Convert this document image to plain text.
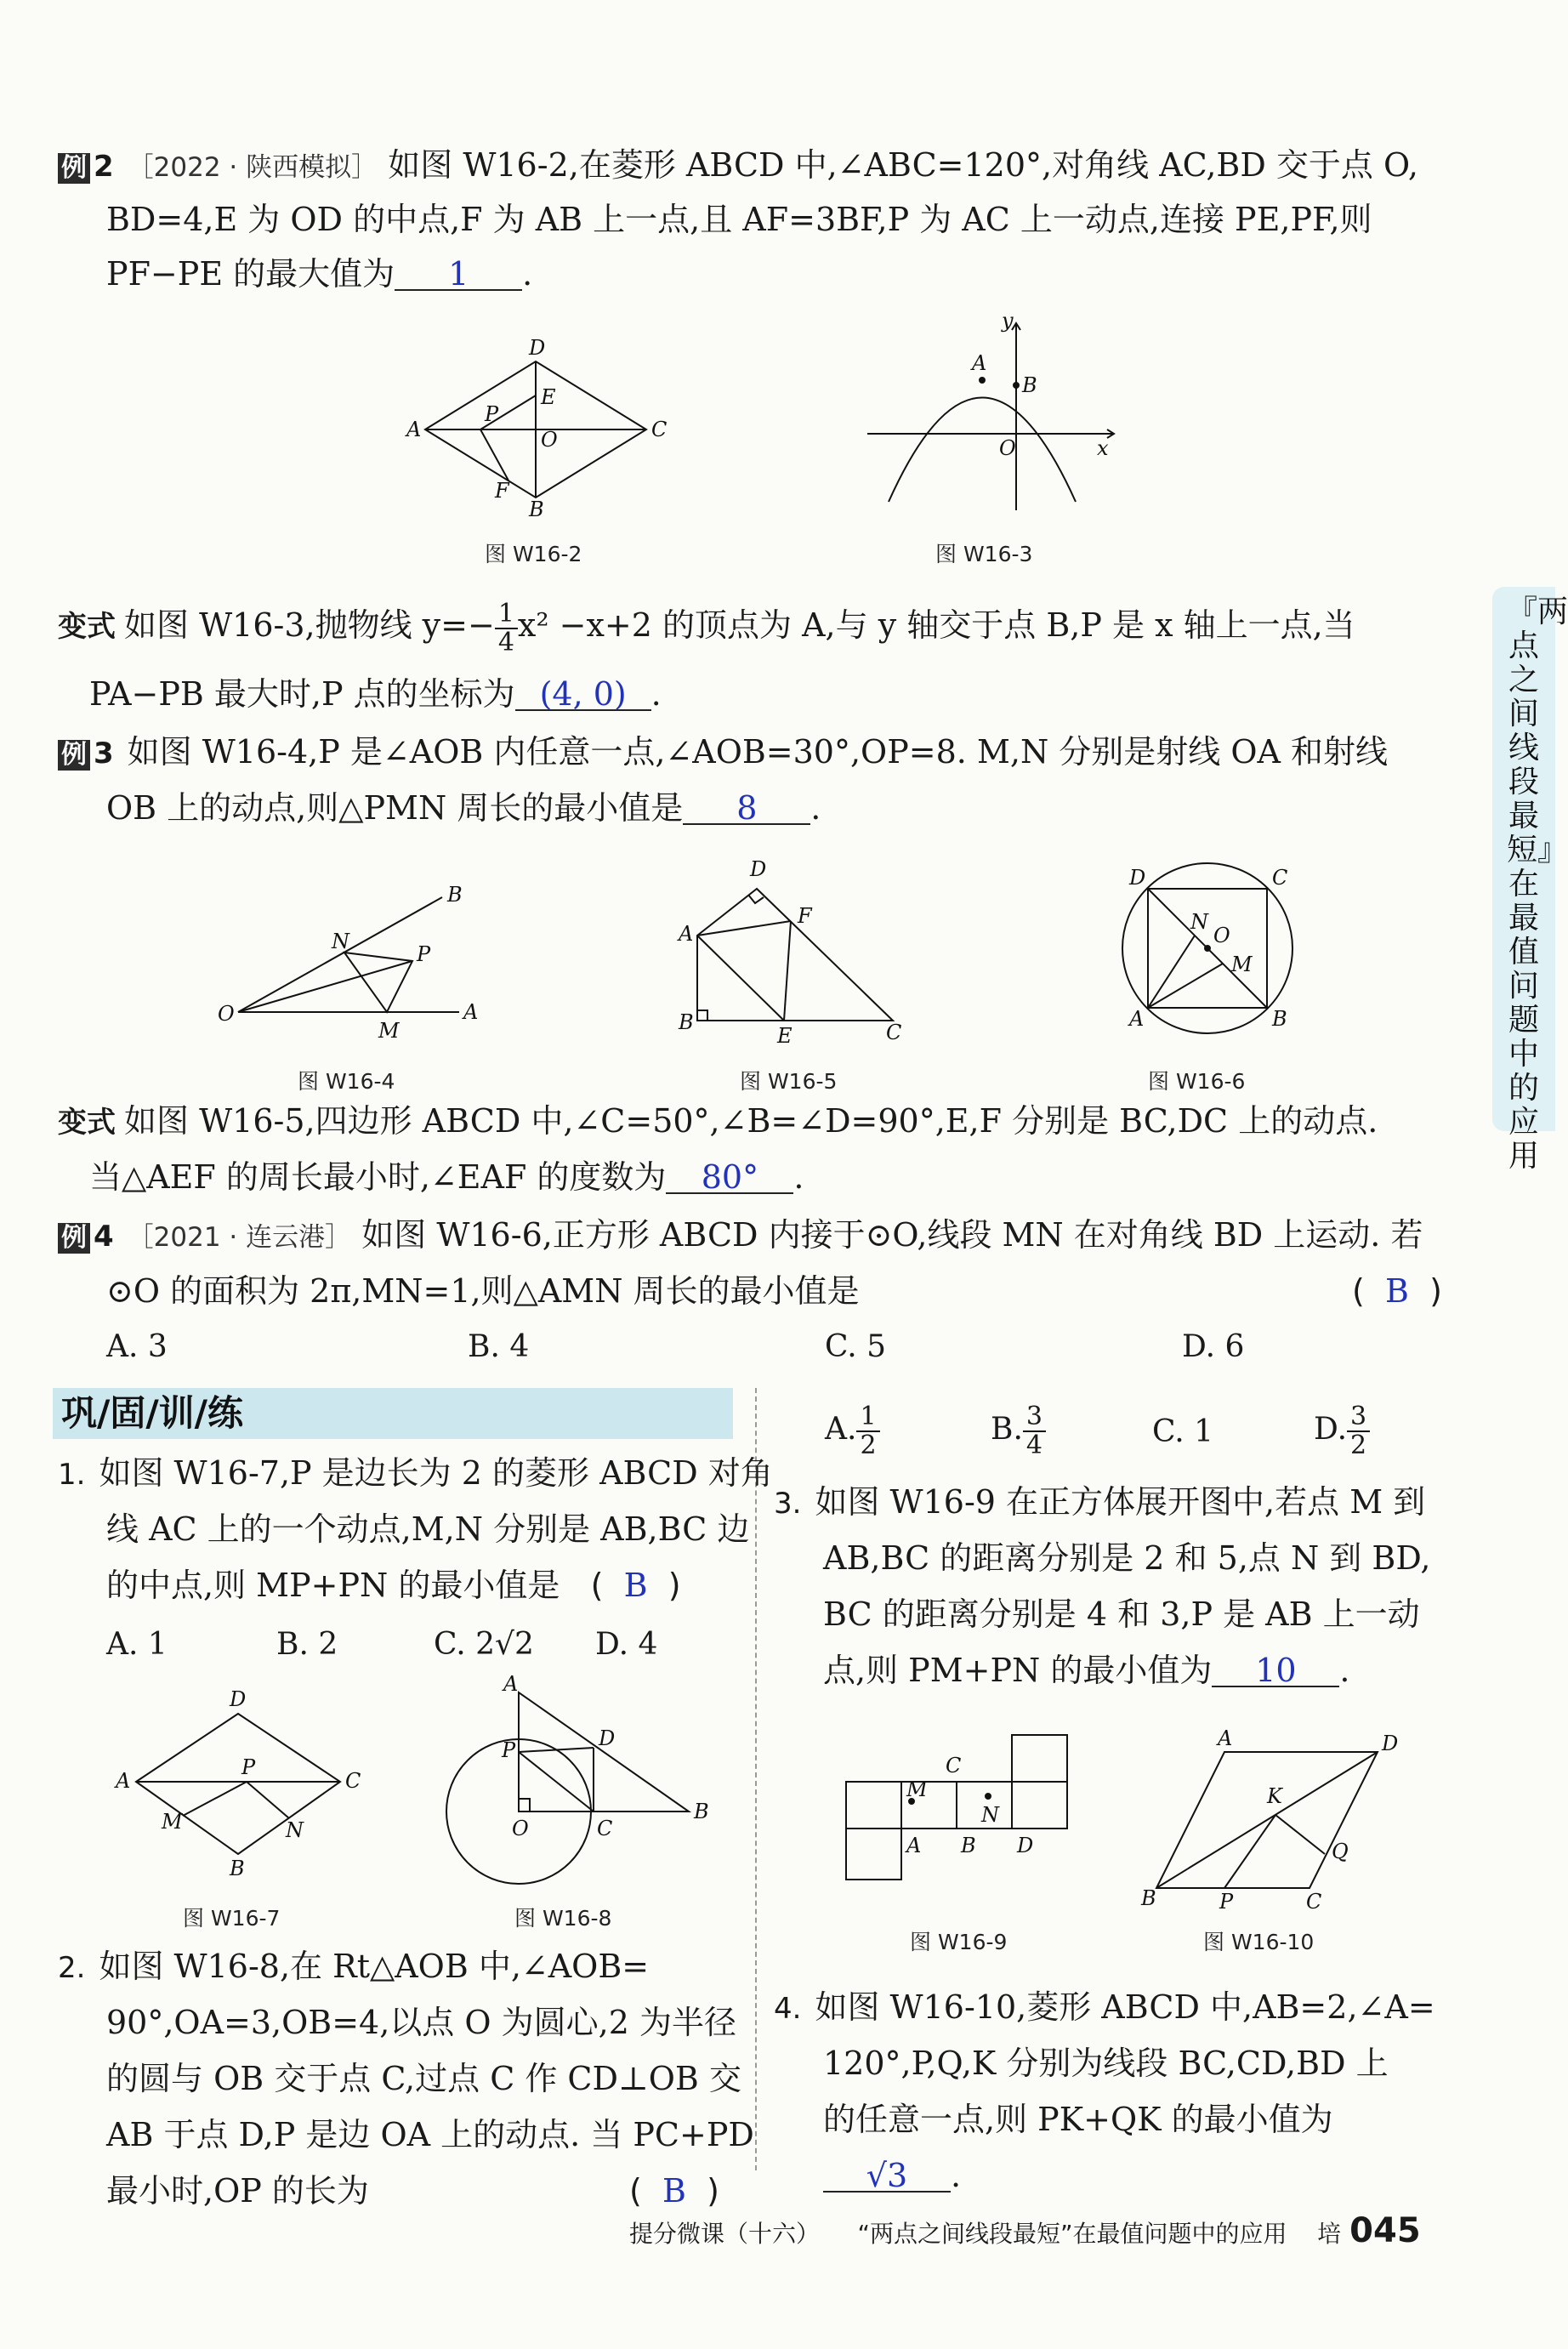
例 2 ［2022 · 陕西模拟］ 如图 W16-2,在菱形 ABCD 中,∠ABC=120°,对角线 AC,BD 交于点 O,
BD=4,E 为 OD 的中点,F 为 AB 上一点,且 AF=3BF,P 为 AC 上一动点,连接 PE,PF,则
PF−PE 的最大值为 1 .
D
A	C
E
P
O
F
B
图 W16-2
y
A
B
O	x
图 W16-3
变式 如图 W16-3,抛物线 $y=- \frac{1}{4} x^2 -x+2$ 的顶点为 A,与 y 轴交于点 B,P 是 x 轴上一点,当
PA−PB 最大时,P 点的坐标为 (4, 0) .
例 3 如图 W16-4,P 是∠AOB 内任意一点,∠AOB=30°,OP=8. M,N 分别是射线 OA 和射线
OB 上的动点,则△PMN 周长的最小值是 8 .
B
N
P
O
M
A
图 W16-4
D
F
A
B
E	C
图 W16-5
D	C
N
O
M
A	B
图 W16-6
变式 如图 W16-5,四边形 ABCD 中,∠C=50°,∠B=∠D=90°,E,F 分别是 BC,DC 上的动点.
当△AEF 的周长最小时,∠EAF 的度数为 80° .
例 4 ［2021 · 连云港］ 如图 W16-6,正方形 ABCD 内接于⊙O,线段 MN 在对角线 BD 上运动. 若
⊙O 的面积为 2π,MN=1,则△AMN 周长的最小值是	( B )
A. 3	B. 4	C. 5	D. 6
巩/固/训/练
1. 如图 W16-7,P 是边长为 2 的菱形 ABCD 对角
线 AC 上的一个动点,M,N 分别是 AB,BC 边
的中点,则 MP+PN 的最小值是 ( B )
A. 1	B. 2	C. 2√2 D. 4
D
A
P
C
M	N
B
图 W16-7
A
D
P
B
O	C
图 W16-8
2. 如图 W16-8,在 Rt△AOB 中,∠AOB=
90°,OA=3,OB=4,以点 O 为圆心,2 为半径
的圆与 OB 交于点 C,过点 C 作 CD⊥OB 交
AB 于点 D,P 是边 OA 上的动点. 当 PC+PD
最小时,OP 的长为	( B )
A. $\frac{1}{2}$	B. $\frac{3}{4}$	C. 1	D. $\frac{3}{2}$
3. 如图 W16-9 在正方体展开图中,若点 M 到
AB,BC 的距离分别是 2 和 5,点 N 到 BD,
BC 的距离分别是 4 和 3,P 是 AB 上一动
点,则 PM+PN 的最小值为 10 .
C
M
N
A B D
图 W16-9
A	D
K
Q
B	P	C
图 W16-10
4. 如图 W16-10,菱形 ABCD 中,AB=2,∠A=
120°,P,Q,K 分别为线段 BC,CD,BD 上
的任意一点,则 PK+QK 的最小值为
√3 .
『两点之间线段最短』在最值问题中的应用
提分微课（十六） “两点之间线段最短”在最值问题中的应用 培 045
